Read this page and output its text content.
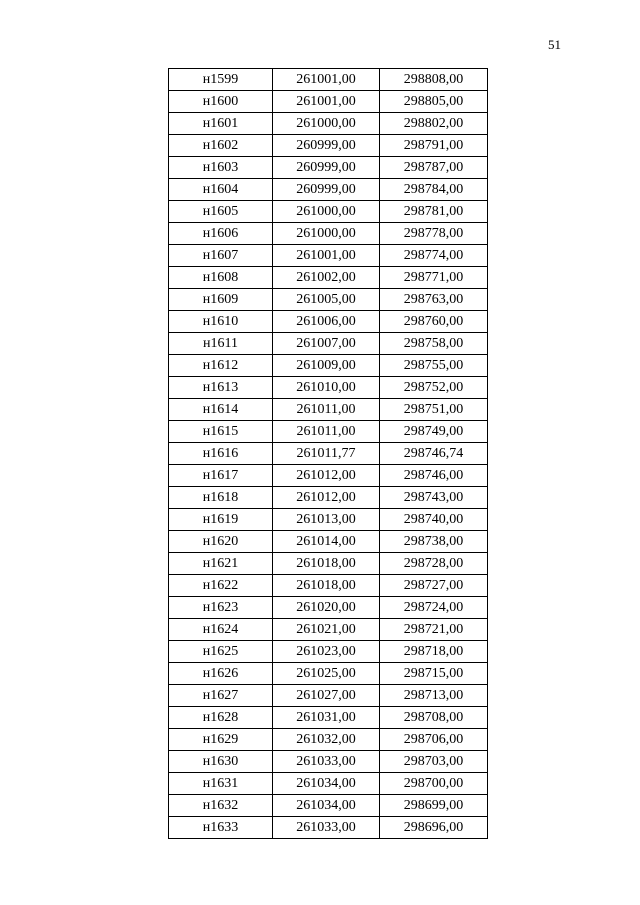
51
н1599	261001,00	298808,00
н1600	261001,00	298805,00
н1601	261000,00	298802,00
н1602	260999,00	298791,00
н1603	260999,00	298787,00
н1604	260999,00	298784,00
н1605	261000,00	298781,00
н1606	261000,00	298778,00
н1607	261001,00	298774,00
н1608	261002,00	298771,00
н1609	261005,00	298763,00
н1610	261006,00	298760,00
н1611	261007,00	298758,00
н1612	261009,00	298755,00
н1613	261010,00	298752,00
н1614	261011,00	298751,00
н1615	261011,00	298749,00
н1616	261011,77	298746,74
н1617	261012,00	298746,00
н1618	261012,00	298743,00
н1619	261013,00	298740,00
н1620	261014,00	298738,00
н1621	261018,00	298728,00
н1622	261018,00	298727,00
н1623	261020,00	298724,00
н1624	261021,00	298721,00
н1625	261023,00	298718,00
н1626	261025,00	298715,00
н1627	261027,00	298713,00
н1628	261031,00	298708,00
н1629	261032,00	298706,00
н1630	261033,00	298703,00
н1631	261034,00	298700,00
н1632	261034,00	298699,00
н1633	261033,00	298696,00
